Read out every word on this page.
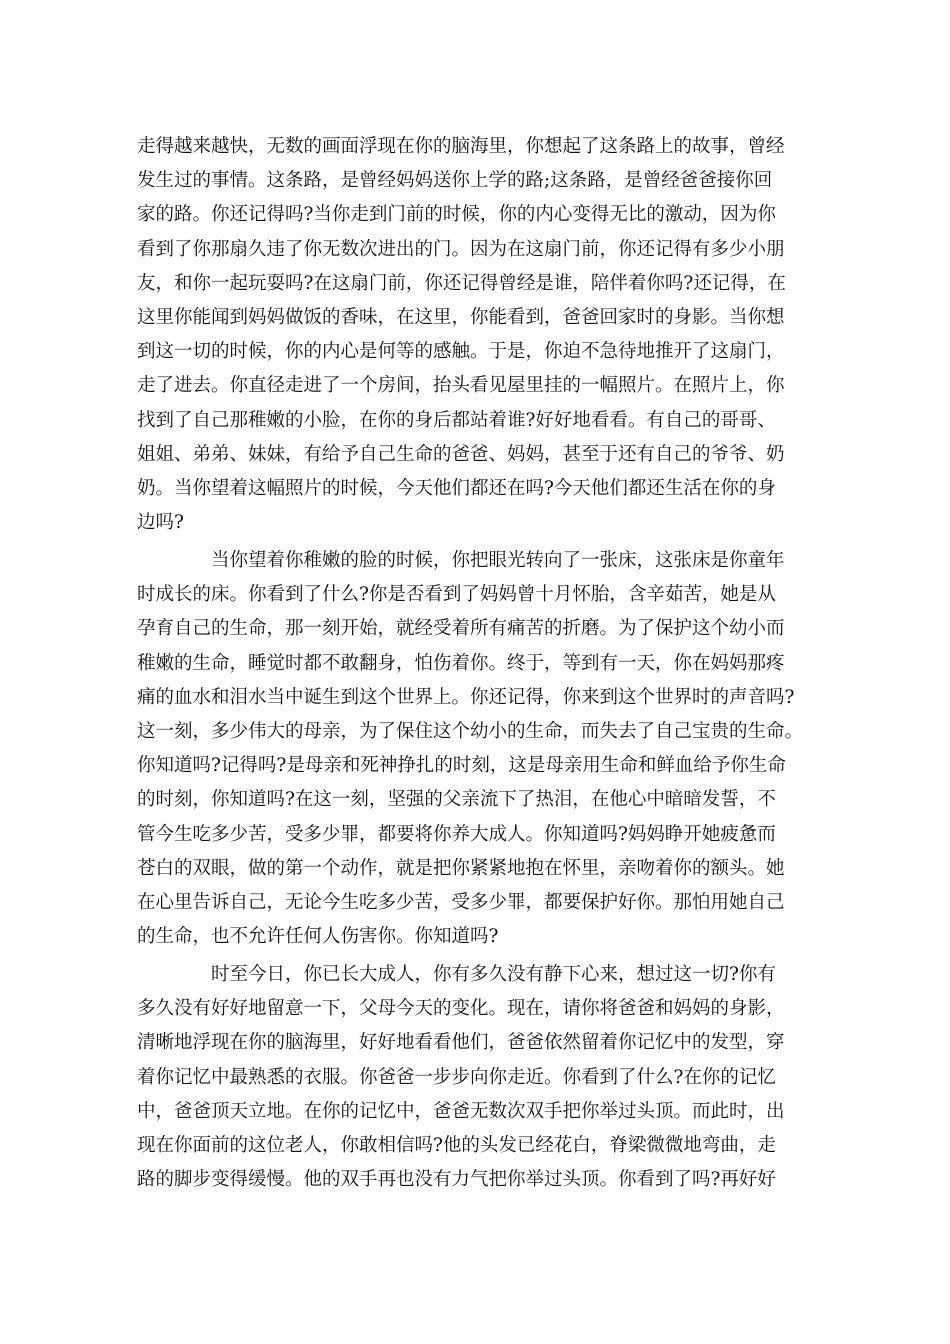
走得越来越快，无数的画面浮现在你的脑海里，你想起了这条路上的故事，曾经
发生过的事情。这条路，是曾经妈妈送你上学的路;这条路，是曾经爸爸接你回
家的路。你还记得吗?当你走到门前的时候，你的内心变得无比的激动，因为你
看到了你那扇久违了你无数次进出的门。因为在这扇门前，你还记得有多少小朋
友，和你一起玩耍吗?在这扇门前，你还记得曾经是谁，陪伴着你吗?还记得，在
这里你能闻到妈妈做饭的香味，在这里，你能看到，爸爸回家时的身影。当你想
到这一切的时候，你的内心是何等的感触。于是，你迫不急待地推开了这扇门，
走了进去。你直径走进了一个房间，抬头看见屋里挂的一幅照片。在照片上，你
找到了自己那稚嫩的小脸，在你的身后都站着谁?好好地看看。有自己的哥哥、
姐姐、弟弟、妹妹，有给予自己生命的爸爸、妈妈，甚至于还有自己的爷爷、奶
奶。当你望着这幅照片的时候，今天他们都还在吗?今天他们都还生活在你的身
边吗?
当你望着你稚嫩的脸的时候，你把眼光转向了一张床，这张床是你童年
时成长的床。你看到了什么?你是否看到了妈妈曾十月怀胎，含辛茹苦，她是从
孕育自己的生命，那一刻开始，就经受着所有痛苦的折磨。为了保护这个幼小而
稚嫩的生命，睡觉时都不敢翻身，怕伤着你。终于，等到有一天，你在妈妈那疼
痛的血水和泪水当中诞生到这个世界上。你还记得，你来到这个世界时的声音吗?
这一刻，多少伟大的母亲，为了保住这个幼小的生命，而失去了自己宝贵的生命。
你知道吗?记得吗?是母亲和死神挣扎的时刻，这是母亲用生命和鲜血给予你生命
的时刻，你知道吗?在这一刻，坚强的父亲流下了热泪，在他心中暗暗发誓，不
管今生吃多少苦，受多少罪，都要将你养大成人。你知道吗?妈妈睁开她疲惫而
苍白的双眼，做的第一个动作，就是把你紧紧地抱在怀里，亲吻着你的额头。她
在心里告诉自己，无论今生吃多少苦，受多少罪，都要保护好你。那怕用她自己
的生命，也不允许任何人伤害你。你知道吗?
时至今日，你已长大成人，你有多久没有静下心来，想过这一切?你有
多久没有好好地留意一下，父母今天的变化。现在，请你将爸爸和妈妈的身影，
清晰地浮现在你的脑海里，好好地看看他们，爸爸依然留着你记忆中的发型，穿
着你记忆中最熟悉的衣服。你爸爸一步步向你走近。你看到了什么?在你的记忆
中，爸爸顶天立地。在你的记忆中，爸爸无数次双手把你举过头顶。而此时，出
现在你面前的这位老人，你敢相信吗?他的头发已经花白，脊梁微微地弯曲，走
路的脚步变得缓慢。他的双手再也没有力气把你举过头顶。你看到了吗?再好好
